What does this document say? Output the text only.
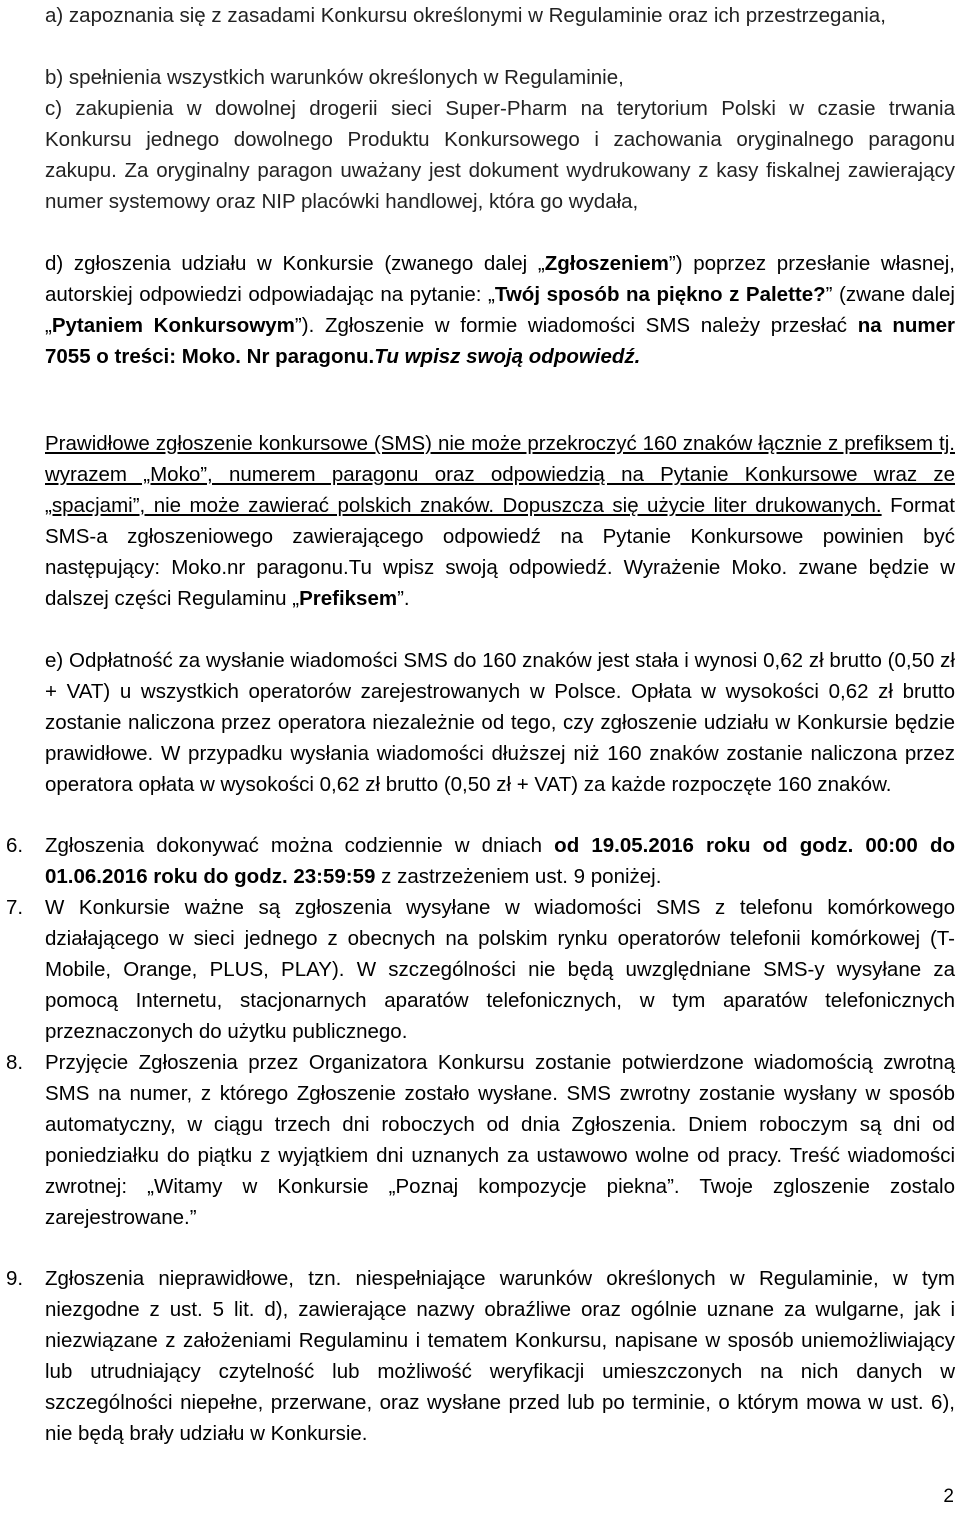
a) zapoznania się z zasadami Konkursu określonymi w Regulaminie oraz ich przestrzegania,

b) spełnienia wszystkich warunków określonych w Regulaminie,

c) zakupienia w dowolnej drogerii sieci Super-Pharm na terytorium Polski w czasie trwania Konkursu jednego dowolnego Produktu Konkursowego i zachowania oryginalnego paragonu zakupu. Za oryginalny paragon uważany jest dokument wydrukowany z kasy fiskalnej zawierający numer systemowy oraz NIP placówki handlowej, która go wydała,

d) zgłoszenia udziału w Konkursie (zwanego dalej „Zgłoszeniem”) poprzez przesłanie własnej, autorskiej odpowiedzi odpowiadając na pytanie: „Twój sposób na piękno z Palette?” (zwane dalej „Pytaniem Konkursowym”). Zgłoszenie w formie wiadomości SMS należy przesłać na numer 7055 o treści: Moko. Nr paragonu.Tu wpisz swoją odpowiedź.

Prawidłowe zgłoszenie konkursowe (SMS) nie może przekroczyć 160 znaków łącznie z prefiksem tj. wyrazem „Moko”, numerem paragonu oraz odpowiedzią na Pytanie Konkursowe wraz ze „spacjami”, nie może zawierać polskich znaków. Dopuszcza się użycie liter drukowanych. Format SMS-a zgłoszeniowego zawierającego odpowiedź na Pytanie Konkursowe powinien być następujący: Moko.nr paragonu.Tu wpisz swoją odpowiedź. Wyrażenie Moko. zwane będzie w dalszej części Regulaminu „Prefiksem”.

e) Odpłatność za wysłanie wiadomości SMS do 160 znaków jest stała i wynosi 0,62 zł brutto (0,50 zł + VAT) u wszystkich operatorów zarejestrowanych w Polsce. Opłata w wysokości 0,62 zł brutto zostanie naliczona przez operatora niezależnie od tego, czy zgłoszenie udziału w Konkursie będzie prawidłowe. W przypadku wysłania wiadomości dłuższej niż 160 znaków zostanie naliczona przez operatora opłata w wysokości 0,62 zł brutto (0,50 zł + VAT) za każde rozpoczęte 160 znaków.

6. Zgłoszenia dokonywać można codziennie w dniach od 19.05.2016 roku od godz. 00:00 do 01.06.2016 roku do godz. 23:59:59 z zastrzeżeniem ust. 9 poniżej.

7. W Konkursie ważne są zgłoszenia wysyłane w wiadomości SMS z telefonu komórkowego działającego w sieci jednego z obecnych na polskim rynku operatorów telefonii komórkowej (T-Mobile, Orange, PLUS, PLAY). W szczególności nie będą uwzględniane SMS-y wysyłane za pomocą Internetu, stacjonarnych aparatów telefonicznych, w tym aparatów telefonicznych przeznaczonych do użytku publicznego.

8. Przyjęcie Zgłoszenia przez Organizatora Konkursu zostanie potwierdzone wiadomością zwrotną SMS na numer, z którego Zgłoszenie zostało wysłane. SMS zwrotny zostanie wysłany w sposób automatyczny, w ciągu trzech dni roboczych od dnia Zgłoszenia. Dniem roboczym są dni od poniedziałku do piątku z wyjątkiem dni uznanych za ustawowo wolne od pracy. Treść wiadomości zwrotnej: „Witamy w Konkursie „Poznaj kompozycje piekna”. Twoje zgloszenie zostalo zarejestrowane.”

9. Zgłoszenia nieprawidłowe, tzn. niespełniające warunków określonych w Regulaminie, w tym niezgodne z ust. 5 lit. d), zawierające nazwy obraźliwe oraz ogólnie uznane za wulgarne, jak i niezwiązane z założeniami Regulaminu i tematem Konkursu, napisane w sposób uniemożliwiający lub utrudniający czytelność lub możliwość weryfikacji umieszczonych na nich danych w szczególności niepełne, przerwane, oraz wysłane przed lub po terminie, o którym mowa w ust. 6), nie będą brały udziału w Konkursie.

2
